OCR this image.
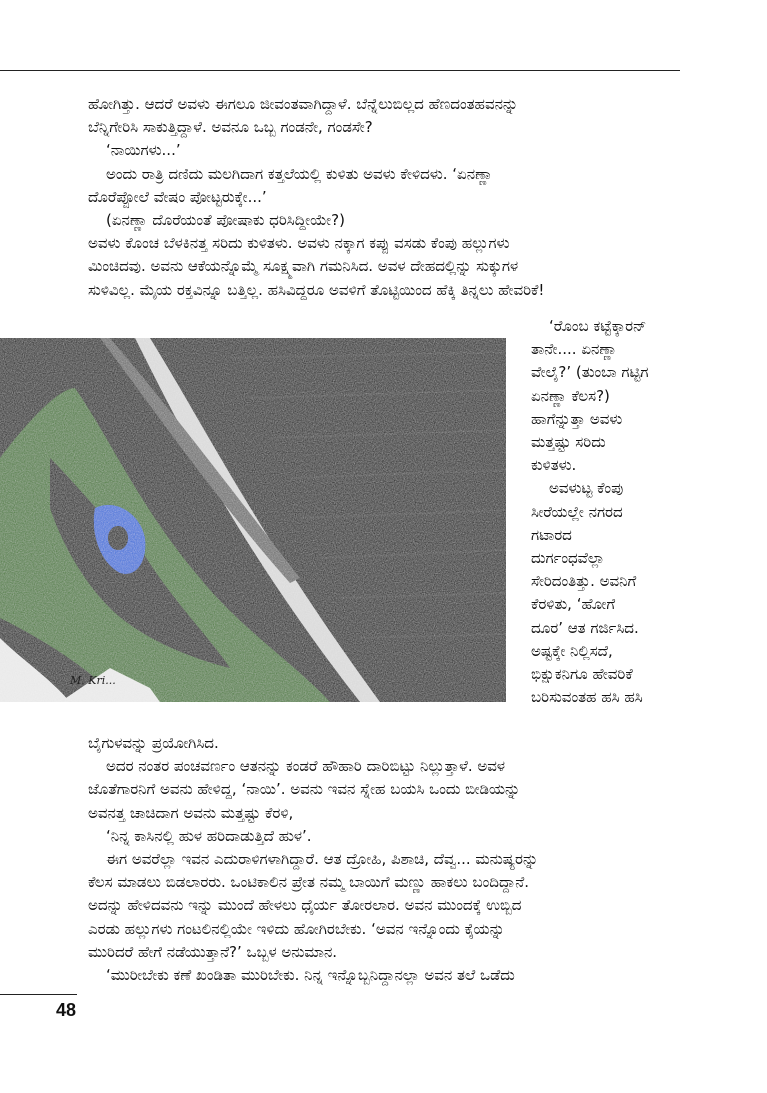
ಹೋಗಿತ್ತು. ಆದರೆ ಅವಳು ಈಗಲೂ ಜೀವಂತವಾಗಿದ್ದಾಳೆ. ಬೆನ್ನೆಲುಬಿಲ್ಲದ ಹೆಣದಂತಹವನನ್ನು
ಬೆನ್ನಿಗೇರಿಸಿ ಸಾಕುತ್ತಿದ್ದಾಳೆ. ಅವನೂ ಒಬ್ಬ ಗಂಡನೇ, ಗಂಡಸೇ?
‘ನಾಯಿಗಳು...’
ಅಂದು ರಾತ್ರಿ ದಣಿದು ಮಲಗಿದಾಗ ಕತ್ತಲೆಯಲ್ಲಿ ಕುಳಿತು ಅವಳು ಕೇಳಿದಳು. ‘ಏನಣ್ಣಾ
ದೊರೆಪ್ಪೋಲೆ ವೇಷಂ ಪೋಟ್ಟರುಕ್ಕೇ...’
(ಏನಣ್ಣಾ ದೊರೆಯಂತೆ ಪೋಷಾಕು ಧರಿಸಿದ್ದೀಯೇ?)
ಅವಳು ಕೊಂಚ ಬೆಳಕಿನತ್ತ ಸರಿದು ಕುಳಿತಳು. ಅವಳು ನಕ್ಕಾಗ ಕಪ್ಪು ವಸಡು ಕೆಂಪು ಹಲ್ಲುಗಳು
ಮಿಂಚಿದವು. ಅವನು ಆಕೆಯನ್ನೊಮ್ಮೆ ಸೂಕ್ಷ್ಮವಾಗಿ ಗಮನಿಸಿದ. ಅವಳ ದೇಹದಲ್ಲಿನ್ನು ಸುಕ್ಕುಗಳ
ಸುಳಿವಿಲ್ಲ. ಮೈಯ ರಕ್ತವಿನ್ನೂ ಬತ್ತಿಲ್ಲ. ಹಸಿವಿದ್ದರೂ ಅವಳಿಗೆ ತೊಟ್ಟಿಯಿಂದ ಹೆಕ್ಕಿ ತಿನ್ನಲು ಹೇವರಿಕೆ!
M. Kri...
‘ರೊಂಬ ಕಟ್ಟೆಕ್ಕಾರನ್
ತಾನೇ.... ಏನಣ್ಣಾ
ವೇಲೈ?’ (ತುಂಬಾ ಗಟ್ಟಿಗ
ಏನಣ್ಣಾ ಕೆಲಸ?)
ಹಾಗೆನ್ನುತ್ತಾ ಅವಳು
ಮತ್ತಷ್ಟು ಸರಿದು
ಕುಳಿತಳು.
ಅವಳುಟ್ಟ ಕೆಂಪು
ಸೀರೆಯಲ್ಲೇ ನಗರದ
ಗಟಾರದ
ದುರ್ಗಂಧವೆಲ್ಲಾ
ಸೇರಿದಂತಿತ್ತು. ಅವನಿಗೆ
ಕೆರಳಿತು, ‘ಹೋಗೆ
ದೂರ’ ಆತ ಗರ್ಜಿಸಿದ.
ಅಷ್ಟಕ್ಕೇ ನಿಲ್ಲಿಸದೆ,
ಭಿಕ್ಷುಕನಿಗೂ ಹೇವರಿಕೆ
ಬರಿಸುವಂತಹ ಹಸಿ ಹಸಿ
ಬೈಗುಳವನ್ನು ಪ್ರಯೋಗಿಸಿದ.
ಅದರ ನಂತರ ಪಂಚವರ್ಣಂ ಆತನನ್ನು ಕಂಡರೆ ಹೌಹಾರಿ ದಾರಿಬಿಟ್ಟು ನಿಲ್ಲುತ್ತಾಳೆ. ಅವಳ
ಜೊತೆಗಾರನಿಗೆ ಅವನು ಹೇಳಿದ್ದ, ‘ನಾಯಿ’. ಅವನು ಇವನ ಸ್ನೇಹ ಬಯಸಿ ಒಂದು ಬೀಡಿಯನ್ನು
ಅವನತ್ತ ಚಾಚಿದಾಗ ಅವನು ಮತ್ತಷ್ಟು ಕೆರಳಿ,
‘ನಿನ್ನ ಕಾಸಿನಲ್ಲಿ ಹುಳ ಹರಿದಾಡುತ್ತಿದೆ ಹುಳ’.
ಈಗ ಅವರೆಲ್ಲಾ ಇವನ ಎದುರಾಳಿಗಳಾಗಿದ್ದಾರೆ. ಆತ ದ್ರೋಹಿ, ಪಿಶಾಚಿ, ದೆವ್ವ... ಮನುಷ್ಯರನ್ನು
ಕೆಲಸ ಮಾಡಲು ಬಿಡಲಾರರು. ಒಂಟಿಕಾಲಿನ ಪ್ರೇತ ನಮ್ಮ ಬಾಯಿಗೆ ಮಣ್ಣು ಹಾಕಲು ಬಂದಿದ್ದಾನೆ.
ಅದನ್ನು ಹೇಳಿದವನು ಇನ್ನು ಮುಂದೆ ಹೇಳಲು ಧೈರ್ಯ ತೋರಲಾರ. ಅವನ ಮುಂದಕ್ಕೆ ಉಬ್ಬಿದ
ಎರಡು ಹಲ್ಲುಗಳು ಗಂಟಲಿನಲ್ಲಿಯೇ ಇಳಿದು ಹೋಗಿರಬೇಕು. ‘ಅವನ ಇನ್ನೊಂದು ಕೈಯನ್ನು
ಮುರಿದರೆ ಹೇಗೆ ನಡೆಯುತ್ತಾನೆ?’ ಒಬ್ಬಳ ಅನುಮಾನ.
‘ಮುರೀಬೇಕು ಕಣೆ ಖಂಡಿತಾ ಮುರಿಬೇಕು. ನಿನ್ನ ಇನ್ನೊಬ್ಬನಿದ್ದಾನಲ್ಲಾ ಅವನ ತಲೆ ಒಡೆದು
48
